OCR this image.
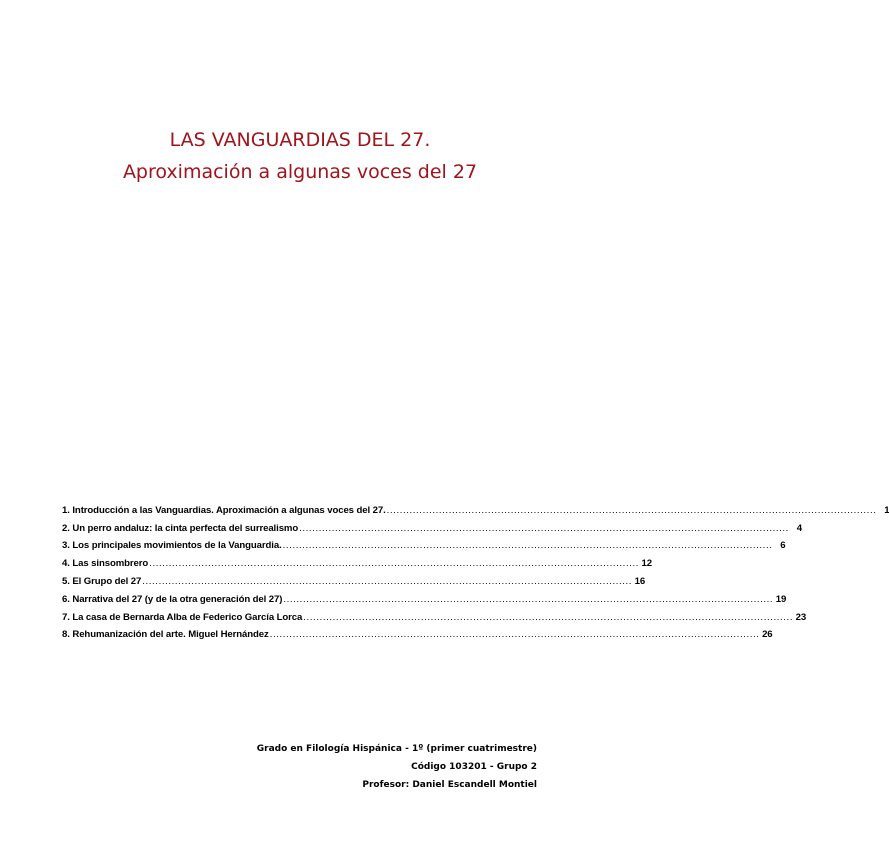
LAS VANGUARDIAS DEL 27.
Aproximación a algunas voces del 27
1. Introducción a las Vanguardias. Aproximación a algunas voces del 27. ...................................................................................................................................................... 1
2. Un perro andaluz: la cinta perfecta del surrealismo ...................................................................................................................................................... 4
3. Los principales movimientos de la Vanguardia. ...................................................................................................................................................... 6
4. Las sinsombrero ...................................................................................................................................................... 12
5. El Grupo del 27 ...................................................................................................................................................... 16
6. Narrativa del 27 (y de la otra generación del 27) ...................................................................................................................................................... 19
7. La casa de Bernarda Alba de Federico García Lorca ...................................................................................................................................................... 23
8. Rehumanización del arte. Miguel Hernández ...................................................................................................................................................... 26
Grado en Filología Hispánica - 1º (primer cuatrimestre)
Código 103201 - Grupo 2
Profesor: Daniel Escandell Montiel
